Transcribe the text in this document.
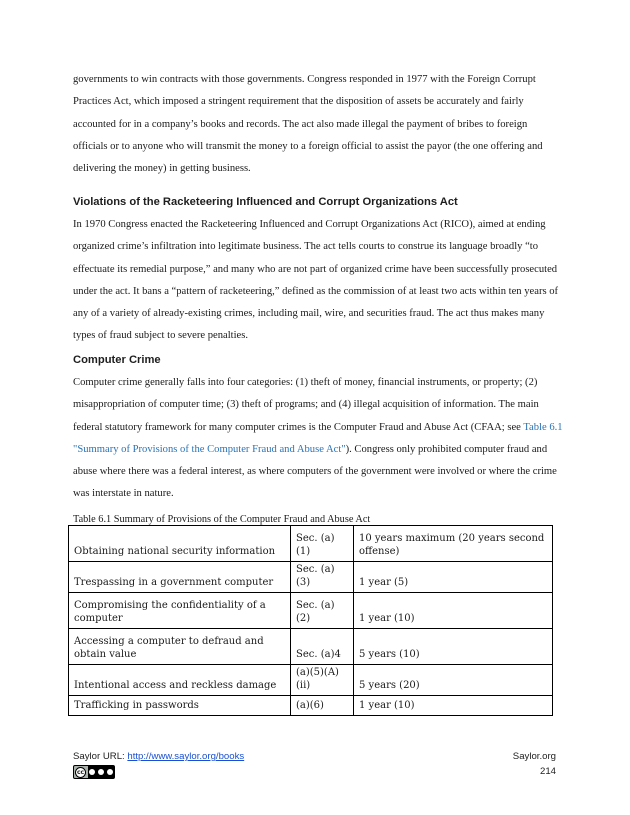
governments to win contracts with those governments. Congress responded in 1977 with the Foreign Corrupt Practices Act, which imposed a stringent requirement that the disposition of assets be accurately and fairly accounted for in a company’s books and records. The act also made illegal the payment of bribes to foreign officials or to anyone who will transmit the money to a foreign official to assist the payor (the one offering and delivering the money) in getting business.

Violations of the Racketeering Influenced and Corrupt Organizations Act

In 1970 Congress enacted the Racketeering Influenced and Corrupt Organizations Act (RICO), aimed at ending organized crime’s infiltration into legitimate business. The act tells courts to construe its language broadly “to effectuate its remedial purpose,” and many who are not part of organized crime have been successfully prosecuted under the act. It bans a “pattern of racketeering,” defined as the commission of at least two acts within ten years of any of a variety of already-existing crimes, including mail, wire, and securities fraud. The act thus makes many types of fraud subject to severe penalties.

Computer Crime

Computer crime generally falls into four categories: (1) theft of money, financial instruments, or property; (2) misappropriation of computer time; (3) theft of programs; and (4) illegal acquisition of information. The main federal statutory framework for many computer crimes is the Computer Fraud and Abuse Act (CFAA; see Table 6.1 "Summary of Provisions of the Computer Fraud and Abuse Act"). Congress only prohibited computer fraud and abuse where there was a federal interest, as where computers of the government were involved or where the crime was interstate in nature.

Table 6.1 Summary of Provisions of the Computer Fraud and Abuse Act

Obtaining national security information	Sec. (a)(1)	10 years maximum (20 years second offense)
Trespassing in a government computer	Sec. (a)(3)	1 year (5)
Compromising the confidentiality of a computer	Sec. (a)(2)	1 year (10)
Accessing a computer to defraud and obtain value	Sec. (a)4	5 years (10)
Intentional access and reckless damage	(a)(5)(A)(ii)	5 years (20)
Trafficking in passwords	(a)(6)	1 year (10)
Saylor URL: http://www.saylor.org/books
cc
Saylor.org
214
